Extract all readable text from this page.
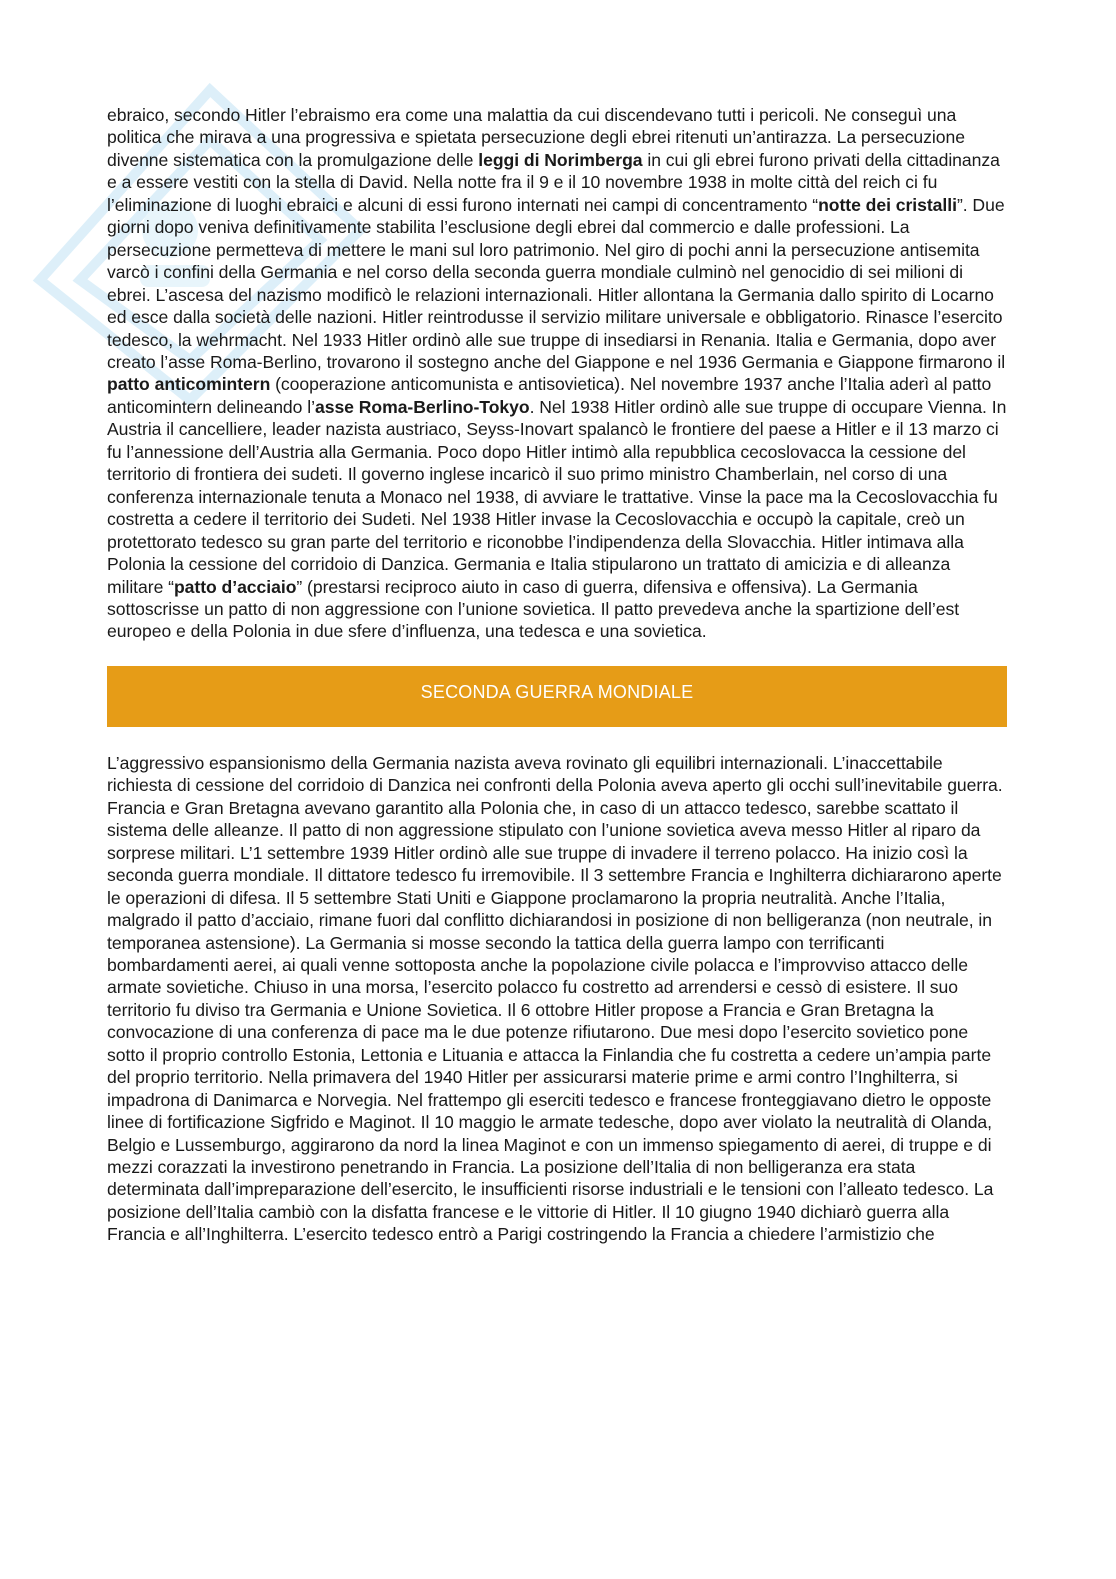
ebraico, secondo Hitler l’ebraismo era come una malattia da cui discendevano tutti i pericoli. Ne conseguì una politica che mirava a una progressiva e spietata persecuzione degli ebrei ritenuti un’antirazza. La persecuzione divenne sistematica con la promulgazione delle leggi di Norimberga in cui gli ebrei furono privati della cittadinanza e a essere vestiti con la stella di David. Nella notte fra il 9 e il 10 novembre 1938 in molte città del reich ci fu l’eliminazione di luoghi ebraici e alcuni di essi furono internati nei campi di concentramento “notte dei cristalli”. Due giorni dopo veniva definitivamente stabilita l’esclusione degli ebrei dal commercio e dalle professioni. La persecuzione permetteva di mettere le mani sul loro patrimonio. Nel giro di pochi anni la persecuzione antisemita varcò i confini della Germania e nel corso della seconda guerra mondiale culminò nel genocidio di sei milioni di ebrei. L’ascesa del nazismo modificò le relazioni internazionali. Hitler allontana la Germania dallo spirito di Locarno ed esce dalla società delle nazioni. Hitler reintrodusse il servizio militare universale e obbligatorio. Rinasce l’esercito tedesco, la wehrmacht. Nel 1933 Hitler ordinò alle sue truppe di insediarsi in Renania. Italia e Germania, dopo aver creato l’asse Roma-Berlino, trovarono il sostegno anche del Giappone e nel 1936 Germania e Giappone firmarono il patto anticomintern (cooperazione anticomunista e antisovietica). Nel novembre 1937 anche l’Italia aderì al patto anticomintern delineando l’asse Roma-Berlino-Tokyo. Nel 1938 Hitler ordinò alle sue truppe di occupare Vienna. In Austria il cancelliere, leader nazista austriaco, Seyss-Inovart spalancò le frontiere del paese a Hitler e il 13 marzo ci fu l’annessione dell’Austria alla Germania. Poco dopo Hitler intimò alla repubblica cecoslovacca la cessione del territorio di frontiera dei sudeti. Il governo inglese incaricò il suo primo ministro Chamberlain, nel corso di una conferenza internazionale tenuta a Monaco nel 1938, di avviare le trattative. Vinse la pace ma la Cecoslovacchia fu costretta a cedere il territorio dei Sudeti. Nel 1938 Hitler invase la Cecoslovacchia e occupò la capitale, creò un protettorato tedesco su gran parte del territorio e riconobbe l’indipendenza della Slovacchia. Hitler intimava alla Polonia la cessione del corridoio di Danzica. Germania e Italia stipularono un trattato di amicizia e di alleanza militare “patto d’acciaio” (prestarsi reciproco aiuto in caso di guerra, difensiva e offensiva). La Germania sottoscrisse un patto di non aggressione con l’unione sovietica. Il patto prevedeva anche la spartizione dell’est europeo e della Polonia in due sfere d’influenza, una tedesca e una sovietica.

SECONDA GUERRA MONDIALE

L’aggressivo espansionismo della Germania nazista aveva rovinato gli equilibri internazionali. L’inaccettabile richiesta di cessione del corridoio di Danzica nei confronti della Polonia aveva aperto gli occhi sull’inevitabile guerra. Francia e Gran Bretagna avevano garantito alla Polonia che, in caso di un attacco tedesco, sarebbe scattato il sistema delle alleanze. Il patto di non aggressione stipulato con l’unione sovietica aveva messo Hitler al riparo da sorprese militari. L’1 settembre 1939 Hitler ordinò alle sue truppe di invadere il terreno polacco. Ha inizio così la seconda guerra mondiale. Il dittatore tedesco fu irremovibile. Il 3 settembre Francia e Inghilterra dichiararono aperte le operazioni di difesa. Il 5 settembre Stati Uniti e Giappone proclamarono la propria neutralità. Anche l’Italia, malgrado il patto d’acciaio, rimane fuori dal conflitto dichiarandosi in posizione di non belligeranza (non neutrale, in temporanea astensione). La Germania si mosse secondo la tattica della guerra lampo con terrificanti bombardamenti aerei, ai quali venne sottoposta anche la popolazione civile polacca e l’improvviso attacco delle armate sovietiche. Chiuso in una morsa, l’esercito polacco fu costretto ad arrendersi e cessò di esistere. Il suo territorio fu diviso tra Germania e Unione Sovietica. Il 6 ottobre Hitler propose a Francia e Gran Bretagna la convocazione di una conferenza di pace ma le due potenze rifiutarono. Due mesi dopo l’esercito sovietico pone sotto il proprio controllo Estonia, Lettonia e Lituania e attacca la Finlandia che fu costretta a cedere un’ampia parte del proprio territorio. Nella primavera del 1940 Hitler per assicurarsi materie prime e armi contro l’Inghilterra, si impadrona di Danimarca e Norvegia. Nel frattempo gli eserciti tedesco e francese fronteggiavano dietro le opposte linee di fortificazione Sigfrido e Maginot. Il 10 maggio le armate tedesche, dopo aver violato la neutralità di Olanda, Belgio e Lussemburgo, aggirarono da nord la linea Maginot e con un immenso spiegamento di aerei, di truppe e di mezzi corazzati la investirono penetrando in Francia. La posizione dell’Italia di non belligeranza era stata determinata dall’impreparazione dell’esercito, le insufficienti risorse industriali e le tensioni con l’alleato tedesco. La posizione dell’Italia cambiò con la disfatta francese e le vittorie di Hitler. Il 10 giugno 1940 dichiarò guerra alla Francia e all’Inghilterra. L’esercito tedesco entrò a Parigi costringendo la Francia a chiedere l’armistizio che
